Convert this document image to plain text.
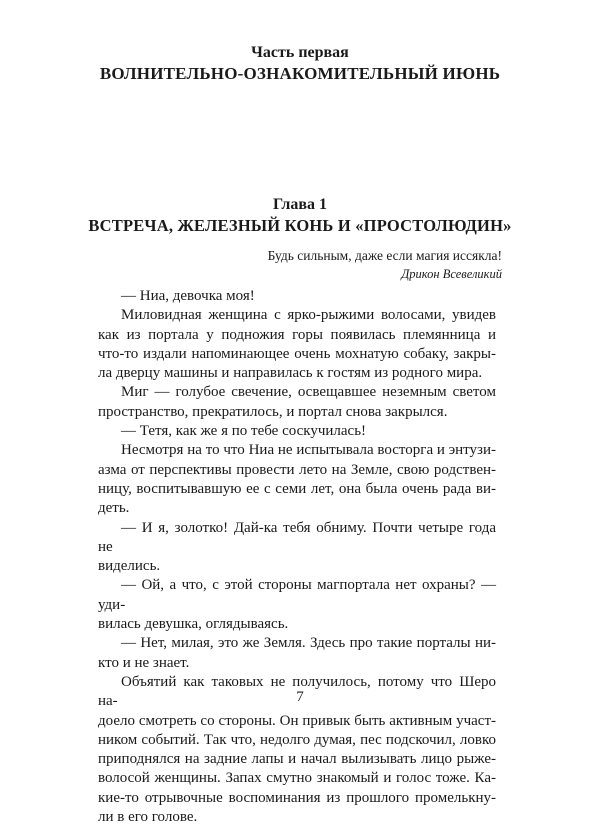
Часть первая
ВОЛНИТЕЛЬНО-ОЗНАКОМИТЕЛЬНЫЙ ИЮНЬ
Глава 1
ВСТРЕЧА, ЖЕЛЕЗНЫЙ КОНЬ И «ПРОСТОЛЮДИН»
Будь сильным, даже если магия иссякла!
Дрикон Всевеликий
— Ниа, девочка моя!
Миловидная женщина с ярко-рыжими волосами, увидев
как из портала у подножия горы появилась племянница и
что-то издали напоминающее очень мохнатую собаку, закры-
ла дверцу машины и направилась к гостям из родного мира.
Миг — голубое свечение, освещавшее неземным светом
пространство, прекратилось, и портал снова закрылся.
— Тетя, как же я по тебе соскучилась!
Несмотря на то что Ниа не испытывала восторга и энтузи-
азма от перспективы провести лето на Земле, свою родствен-
ницу, воспитывавшую ее с семи лет, она была очень рада ви-
деть.
— И я, золотко! Дай-ка тебя обниму. Почти четыре года не
виделись.
— Ой, а что, с этой стороны магпортала нет охраны? — уди-
вилась девушка, оглядываясь.
— Нет, милая, это же Земля. Здесь про такие порталы ни-
кто и не знает.
Объятий как таковых не получилось, потому что Шеро на-
доело смотреть со стороны. Он привык быть активным участ-
ником событий. Так что, недолго думая, пес подскочил, ловко
приподнялся на задние лапы и начал вылизывать лицо рыже-
волосой женщины. Запах смутно знакомый и голос тоже. Ка-
кие-то отрывочные воспоминания из прошлого промелькну-
ли в его голове.
7
